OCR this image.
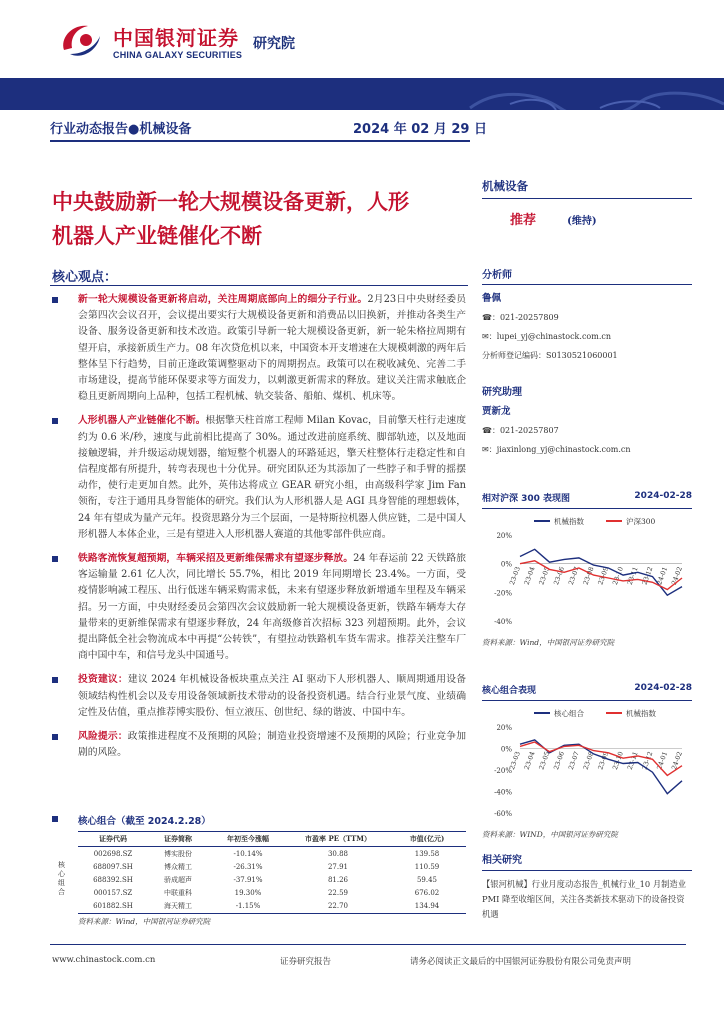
中国银河证券
CHINA GALAXY SECURITIES
研究院
行业动态报告●机械设备	2024 年 02 月 29 日
中央鼓励新一轮大规模设备更新，人形
机器人产业链催化不断
核心观点：
新一轮大规模设备更新将启动，关注周期底部向上的细分子行业。2月23日中央财经委员会第四次会议召开，会议提出要实行大规模设备更新和消费品以旧换新，并推动各类生产设备、服务设备更新和技术改造。政策引导新一轮大规模设备更新，新一轮朱格拉周期有望开启，承接新质生产力。08 年次贷危机以来，中国资本开支增速在大规模刺激的两年后整体呈下行趋势，目前正逢政策调整驱动下的周期拐点。政策可以在税收减免、完善二手市场建设，提高节能环保要求等方面发力，以刺激更新需求的释放。建议关注需求触底企稳且更新周期向上品种，包括工程机械、轨交装备、船舶、煤机、机床等。
人形机器人产业链催化不断。根据擎天柱首席工程师 Milan Kovac，目前擎天柱行走速度约为 0.6 米/秒，速度与此前相比提高了 30%。通过改进前庭系统、脚部轨迹，以及地面接触逻辑，并升级运动规划器，缩短整个机器人的环路延迟，擎天柱整体行走稳定性和自信程度都有所提升，转弯表现也十分优异。研究团队还为其添加了一些脖子和手臂的摇摆动作，使行走更加自然。此外，英伟达将成立 GEAR 研究小组，由高级科学家 Jim Fan 领衔，专注于通用具身智能体的研究。我们认为人形机器人是 AGI 具身智能的理想载体，24 年有望成为量产元年。投资思路分为三个层面，一是特斯拉机器人供应链，二是中国人形机器人本体企业，三是有望进入人形机器人赛道的其他零部件供应商。
铁路客流恢复超预期，车辆采招及更新维保需求有望逐步释放。24 年春运前 22 天铁路旅客运输量 2.61 亿人次，同比增长 55.7%，相比 2019 年同期增长 23.4%。一方面，受疫情影响减工程压、出行低迷车辆采购需求低，未来有望逐步释放新增通车里程及车辆采招。另一方面，中央财经委员会第四次会议鼓励新一轮大规模设备更新，铁路车辆寿大存量带来的更新维保需求有望逐步释放，24 年高级修首次招标 323 列超预期。此外，会议提出降低全社会物流成本中再提“公转铁”，有望拉动铁路机车货车需求。推荐关注整车厂商中国中车，和信号龙头中国通号。
投资建议：建议 2024 年机械设备板块重点关注 AI 驱动下人形机器人、顺周期通用设备领域结构性机会以及专用设备领域新技术带动的设备投资机遇。结合行业景气度、业绩确定性及估值，重点推荐博实股份、恒立液压、创世纪、绿的谐波、中国中车。
风险提示：政策推进程度不及预期的风险；制造业投资增速不及预期的风险；行业竞争加剧的风险。
核心组合（截至 2024.2.28）
核心组合
证券代码	证券简称	年初至今涨幅	市盈率 PE（TTM）	市值(亿元)
002698.SZ	博实股份	-10.14%	30.88	139.58
688097.SH	博众精工	-26.31%	27.91	110.59
688392.SH	骄成超声	-37.91%	81.26	59.45
000157.SZ	中联重科	19.30%	22.59	676.02
601882.SH	海天精工	-1.15%	22.70	134.94
资料来源：Wind，中国银河证券研究院
机械设备
推荐	(维持)
分析师
鲁佩
☎：021-20257809
✉：lupei_yj@chinastock.com.cn
分析师登记编码：S0130521060001
研究助理
贾新龙
☎：021-20257807
✉：jiaxinlong_yj@chinastock.com.cn
相对沪深 300 表现图	2024-02-28
机械指数	沪深300
20%
0%
-20%
-40%
23-03 23-04 23-05 23-06 23-07 23-08 23-09 23-10 23-11 23-12 24-01 24-02
资料来源：Wind，中国银河证券研究院
核心组合表现	2024-02-28
核心组合	机械指数
20%
0%
-20%
-40%
-60%
23-03 23-04 23-05 23-06 23-07 23-08 23-09 23-10 23-11 23-12 24-01 24-02
资料来源：WIND，中国银河证券研究院
相关研究
【银河机械】行业月度动态报告_机械行业_10 月制造业 PMI 降至收缩区间，关注各类新技术驱动下的设备投资机遇
www.chinastock.com.cn	证券研究报告	请务必阅读正文最后的中国银河证券股份有限公司免责声明
